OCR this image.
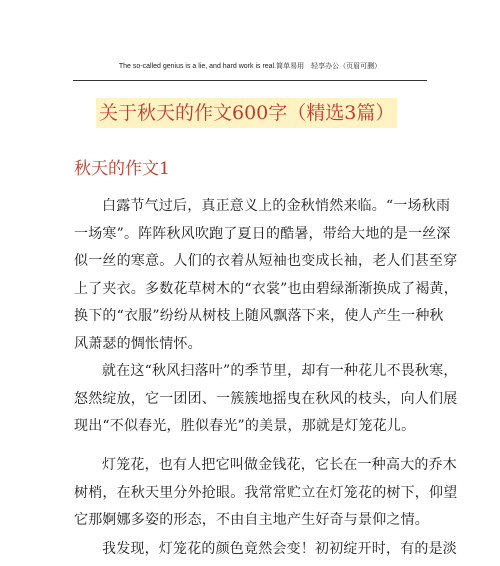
The so-called genius is a lie, and hard work is real.简单易用　轻享办公（页眉可删）
关于秋天的作文600字（精选3篇）
秋天的作文1
白露节气过后，真正意义上的金秋悄然来临。“一场秋雨
一场寒”。阵阵秋风吹跑了夏日的酷暑，带给大地的是一丝深
似一丝的寒意。人们的衣着从短袖也变成长袖，老人们甚至穿
上了夹衣。多数花草树木的“衣裳”也由碧绿渐渐换成了褐黄，
换下的“衣服”纷纷从树枝上随风飘落下来，使人产生一种秋
风萧瑟的惆怅情怀。
就在这“秋风扫落叶”的季节里，却有一种花儿不畏秋寒，
怒然绽放，它一团团、一簇簇地摇曳在秋风的枝头，向人们展
现出“不似春光，胜似春光”的美景，那就是灯笼花儿。
灯笼花，也有人把它叫做金钱花，它长在一种高大的乔木
树梢，在秋天里分外抢眼。我常常贮立在灯笼花的树下，仰望
它那婀娜多姿的形态，不由自主地产生好奇与景仰之情。
我发现，灯笼花的颜色竟然会变！初初绽开时，有的是淡
